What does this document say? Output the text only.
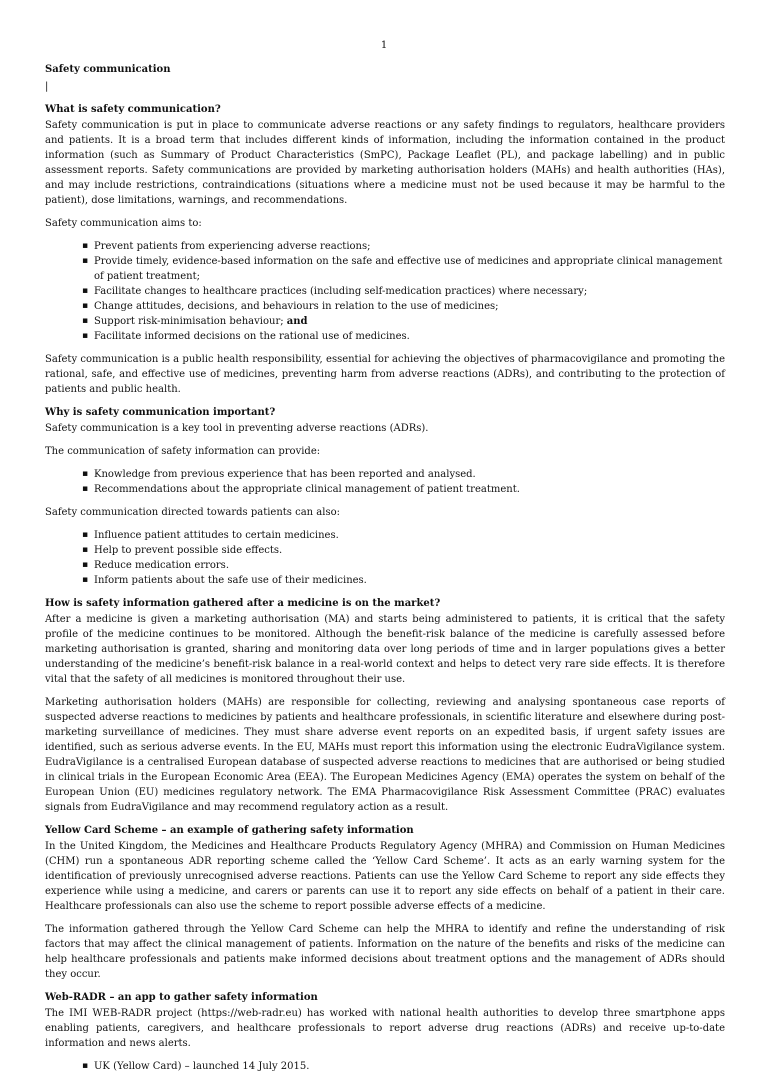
1
Safety communication
|
What is safety communication?

Safety communication is put in place to communicate adverse reactions or any safety findings to regulators, healthcare providers and patients. It is a broad term that includes different kinds of information, including the information contained in the product information (such as Summary of Product Characteristics (SmPC), Package Leaflet (PL), and package labelling) and in public assessment reports. Safety communications are provided by marketing authorisation holders (MAHs) and health authorities (HAs), and may include restrictions, contraindications (situations where a medicine must not be used because it may be harmful to the patient), dose limitations, warnings, and recommendations.

Safety communication aims to:

▪ Prevent patients from experiencing adverse reactions;
▪ Provide timely, evidence-based information on the safe and effective use of medicines and appropriate clinical management of patient treatment;
▪ Facilitate changes to healthcare practices (including self-medication practices) where necessary;
▪ Change attitudes, decisions, and behaviours in relation to the use of medicines;
▪ Support risk-minimisation behaviour; and
▪ Facilitate informed decisions on the rational use of medicines.

Safety communication is a public health responsibility, essential for achieving the objectives of pharmacovigilance and promoting the rational, safe, and effective use of medicines, preventing harm from adverse reactions (ADRs), and contributing to the protection of patients and public health.

Why is safety communication important?

Safety communication is a key tool in preventing adverse reactions (ADRs).

The communication of safety information can provide:

▪ Knowledge from previous experience that has been reported and analysed.
▪ Recommendations about the appropriate clinical management of patient treatment.

Safety communication directed towards patients can also:

▪ Influence patient attitudes to certain medicines.
▪ Help to prevent possible side effects.
▪ Reduce medication errors.
▪ Inform patients about the safe use of their medicines.
How is safety information gathered after a medicine is on the market?

After a medicine is given a marketing authorisation (MA) and starts being administered to patients, it is critical that the safety profile of the medicine continues to be monitored. Although the benefit-risk balance of the medicine is carefully assessed before marketing authorisation is granted, sharing and monitoring data over long periods of time and in larger populations gives a better understanding of the medicine’s benefit-risk balance in a real-world context and helps to detect very rare side effects. It is therefore vital that the safety of all medicines is monitored throughout their use.

Marketing authorisation holders (MAHs) are responsible for collecting, reviewing and analysing spontaneous case reports of suspected adverse reactions to medicines by patients and healthcare professionals, in scientific literature and elsewhere during post-marketing surveillance of medicines. They must share adverse event reports on an expedited basis, if urgent safety issues are identified, such as serious adverse events. In the EU, MAHs must report this information using the electronic EudraVigilance system. EudraVigilance is a centralised European database of suspected adverse reactions to medicines that are authorised or being studied in clinical trials in the European Economic Area (EEA). The European Medicines Agency (EMA) operates the system on behalf of the European Union (EU) medicines regulatory network. The EMA Pharmacovigilance Risk Assessment Committee (PRAC) evaluates signals from EudraVigilance and may recommend regulatory action as a result.

Yellow Card Scheme – an example of gathering safety information

In the United Kingdom, the Medicines and Healthcare Products Regulatory Agency (MHRA) and Commission on Human Medicines (CHM) run a spontaneous ADR reporting scheme called the ‘Yellow Card Scheme’. It acts as an early warning system for the identification of previously unrecognised adverse reactions. Patients can use the Yellow Card Scheme to report any side effects they experience while using a medicine, and carers or parents can use it to report any side effects on behalf of a patient in their care. Healthcare professionals can also use the scheme to report possible adverse effects of a medicine.

The information gathered through the Yellow Card Scheme can help the MHRA to identify and refine the understanding of risk factors that may affect the clinical management of patients. Information on the nature of the benefits and risks of the medicine can help healthcare professionals and patients make informed decisions about treatment options and the management of ADRs should they occur.

Web-RADR – an app to gather safety information

The IMI WEB-RADR project (https://web-radr.eu) has worked with national health authorities to develop three smartphone apps enabling patients, caregivers, and healthcare professionals to report adverse drug reactions (ADRs) and receive up-to-date information and news alerts.

▪ UK (Yellow Card) – launched 14 July 2015.
